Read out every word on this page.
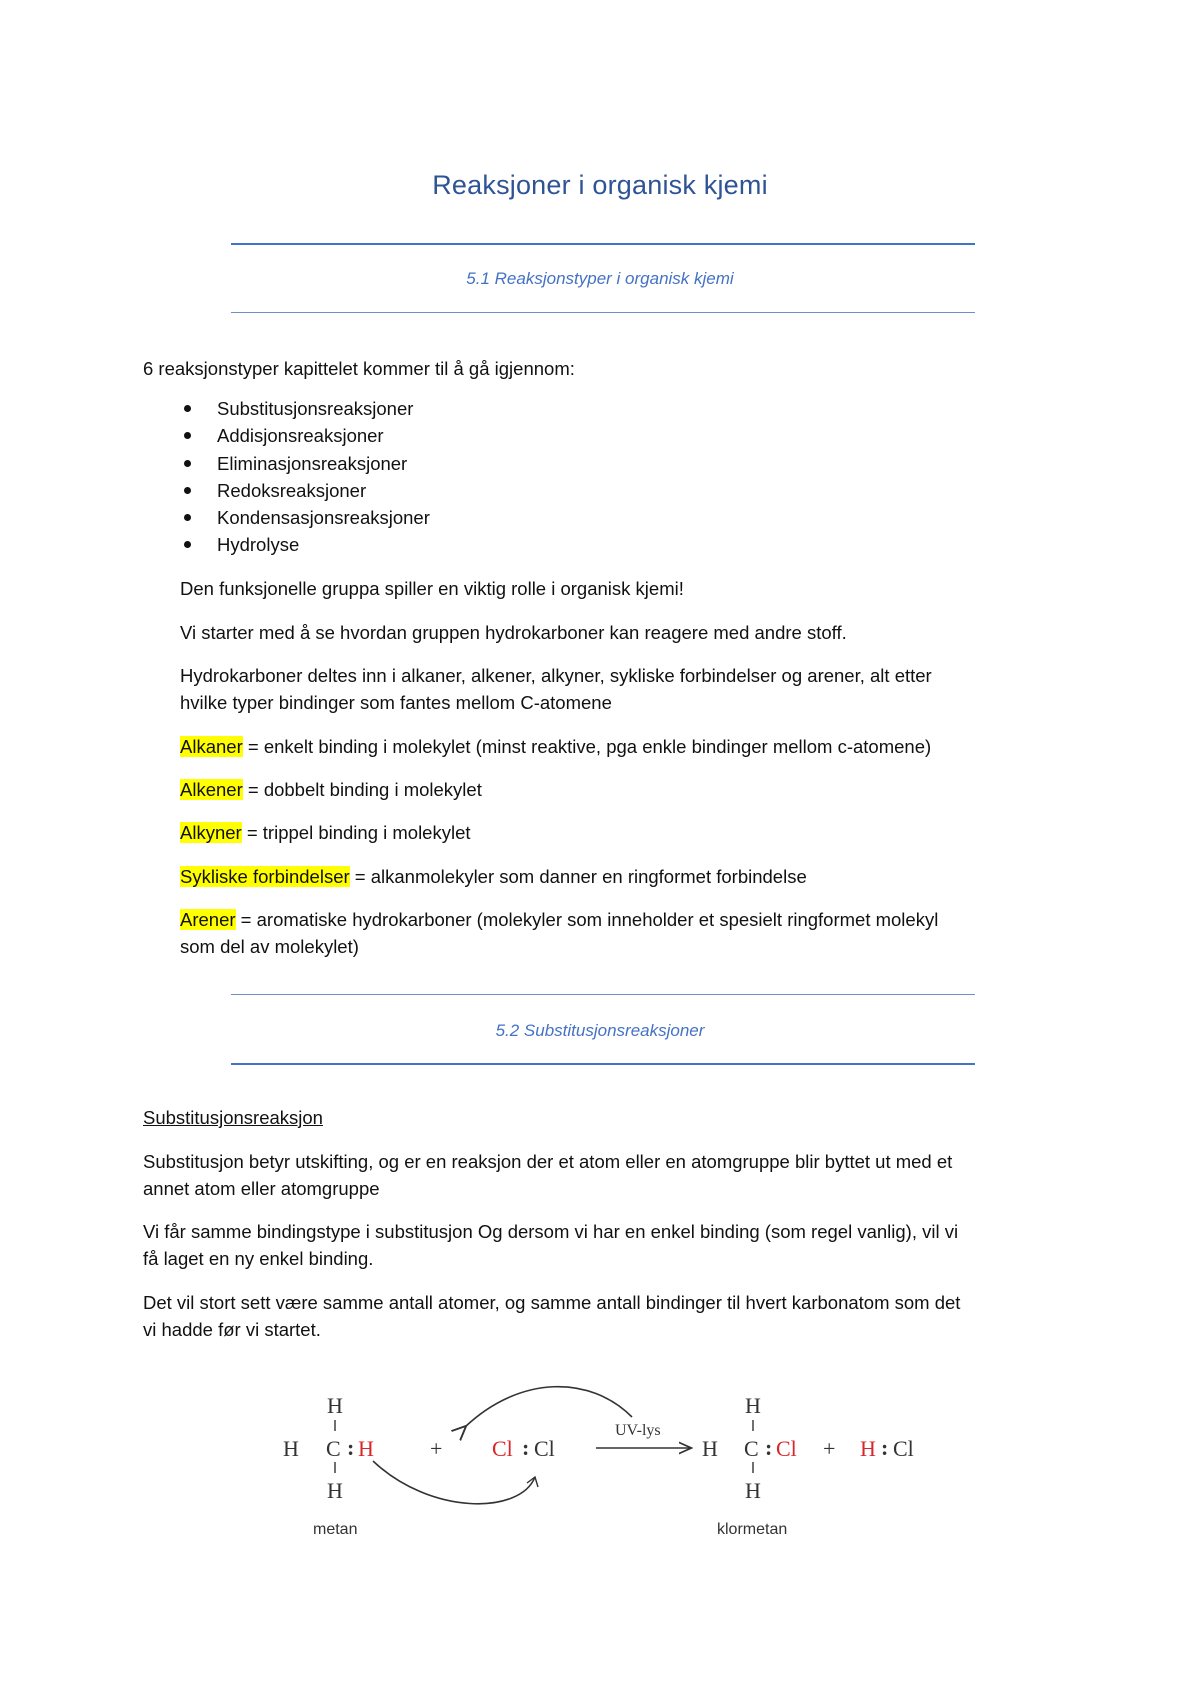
Reaksjoner i organisk kjemi
5.1 Reaksjonstyper i organisk kjemi
6 reaksjonstyper kapittelet kommer til å gå igjennom:
Substitusjonsreaksjoner
Addisjonsreaksjoner
Eliminasjonsreaksjoner
Redoksreaksjoner
Kondensasjonsreaksjoner
Hydrolyse
Den funksjonelle gruppa spiller en viktig rolle i organisk kjemi!
Vi starter med å se hvordan gruppen hydrokarboner kan reagere med andre stoff.
Hydrokarboner deltes inn i alkaner, alkener, alkyner, sykliske forbindelser og arener, alt etter
hvilke typer bindinger som fantes mellom C-atomene
Alkaner = enkelt binding i molekylet (minst reaktive, pga enkle bindinger mellom c-atomene)
Alkener = dobbelt binding i molekylet
Alkyner = trippel binding i molekylet
Sykliske forbindelser = alkanmolekyler som danner en ringformet forbindelse
Arener = aromatiske hydrokarboner (molekyler som inneholder et spesielt ringformet molekyl
som del av molekylet)
5.2 Substitusjonsreaksjoner
Substitusjonsreaksjon
Substitusjon betyr utskifting, og er en reaksjon der et atom eller en atomgruppe blir byttet ut med et
annet atom eller atomgruppe
Vi får samme bindingstype i substitusjon Og dersom vi har en enkel binding (som regel vanlig), vil vi
få laget en ny enkel binding.
Det vil stort sett være samme antall atomer, og samme antall bindinger til hvert karbonatom som det
vi hadde før vi startet.
H
H C : H
H
+ Cl : Cl
UV-lys
H
H
C : Cl
H
+ H : Cl
metan	klormetan
